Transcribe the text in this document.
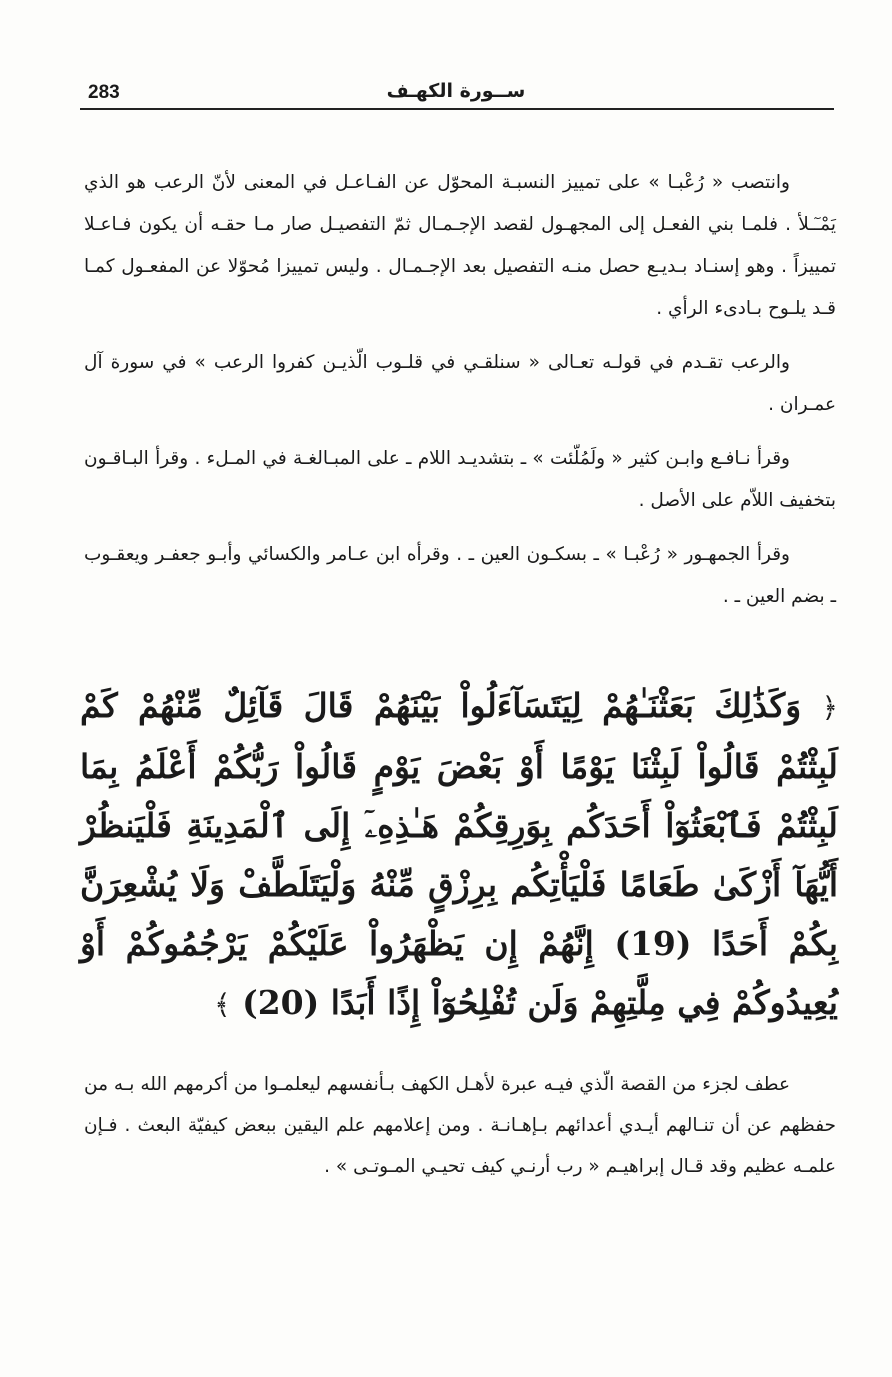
283	ســورة الكهـف

وانتصب « رُعْبـا » على تمييز النسبـة المحوّل عن الفـاعـل في المعنى لأنّ الرعب هو الذي يَمْـٓـلأ . فلمـا بني الفعـل إلى المجهـول لقصد الإجـمـال ثمّ التفصيـل صار مـا حقـه أن يكون فـاعـلا تمييزاً . وهو إسنـاد بـديـع حصل منـه التفصيل بعد الإجـمـال . وليس تمييزا مُحوّلا عن المفعـول كمـا قـد يلـوح بـادىء الرأي .

والرعب تقـدم في قولـه تعـالى « سنلقـي في قلـوب الّذيـن كفروا الرعب » في سورة آل عمـران .

وقرأ نـافـع وابـن كثير « ولَمُلّئت » ـ بتشديـد اللام ـ على المبـالغـة في المـلء . وقرأ البـاقـون بتخفيف اللاّم على الأصل .

وقرأ الجمهـور « رُعْبـا » ـ بسكـون العين ـ . وقرأه ابن عـامر والكسائي وأبـو جعفـر ويعقـوب ـ بضم العين ـ .

﴿ وَكَذَٰلِكَ بَعَثْنَـٰهُمْ لِيَتَسَآءَلُواْ بَيْنَهُمْ قَالَ قَآئِلٌ مِّنْهُمْ كَمْ لَبِثْتُمْ قَالُواْ لَبِثْنَا يَوْمًا أَوْ بَعْضَ يَوْمٍ قَالُواْ رَبُّكُمْ أَعْلَمُ بِمَا لَبِثْتُمْ فَٱبْعَثُوٓاْ أَحَدَكُم بِوَرِقِكُمْ هَـٰذِهِۦٓ إِلَى ٱلْمَدِينَةِ فَلْيَنظُرْ أَيُّهَآ أَزْكَىٰ طَعَامًا فَلْيَأْتِكُم بِرِزْقٍ مِّنْهُ وَلْيَتَلَطَّفْ وَلَا يُشْعِرَنَّ بِكُمْ أَحَدًا (19) إِنَّهُمْ إِن يَظْهَرُواْ عَلَيْكُمْ يَرْجُمُوكُمْ أَوْ يُعِيدُوكُمْ فِي مِلَّتِهِمْ وَلَن تُفْلِحُوٓاْ إِذًا أَبَدًا (20) ﴾

عطف لجزء من القصة الّذي فيـه عبرة لأهـل الكهف بـأنفسهم ليعلمـوا من أكرمهم الله بـه من حفظهم عن أن تنـالهم أيـدي أعدائهم بـإهـانـة . ومن إعلامهم علم اليقين ببعض كيفيّة البعث . فـإن علمـه عظيم وقد قـال إبراهيـم « رب أرنـي كيف تحيـي المـوتـى » .
